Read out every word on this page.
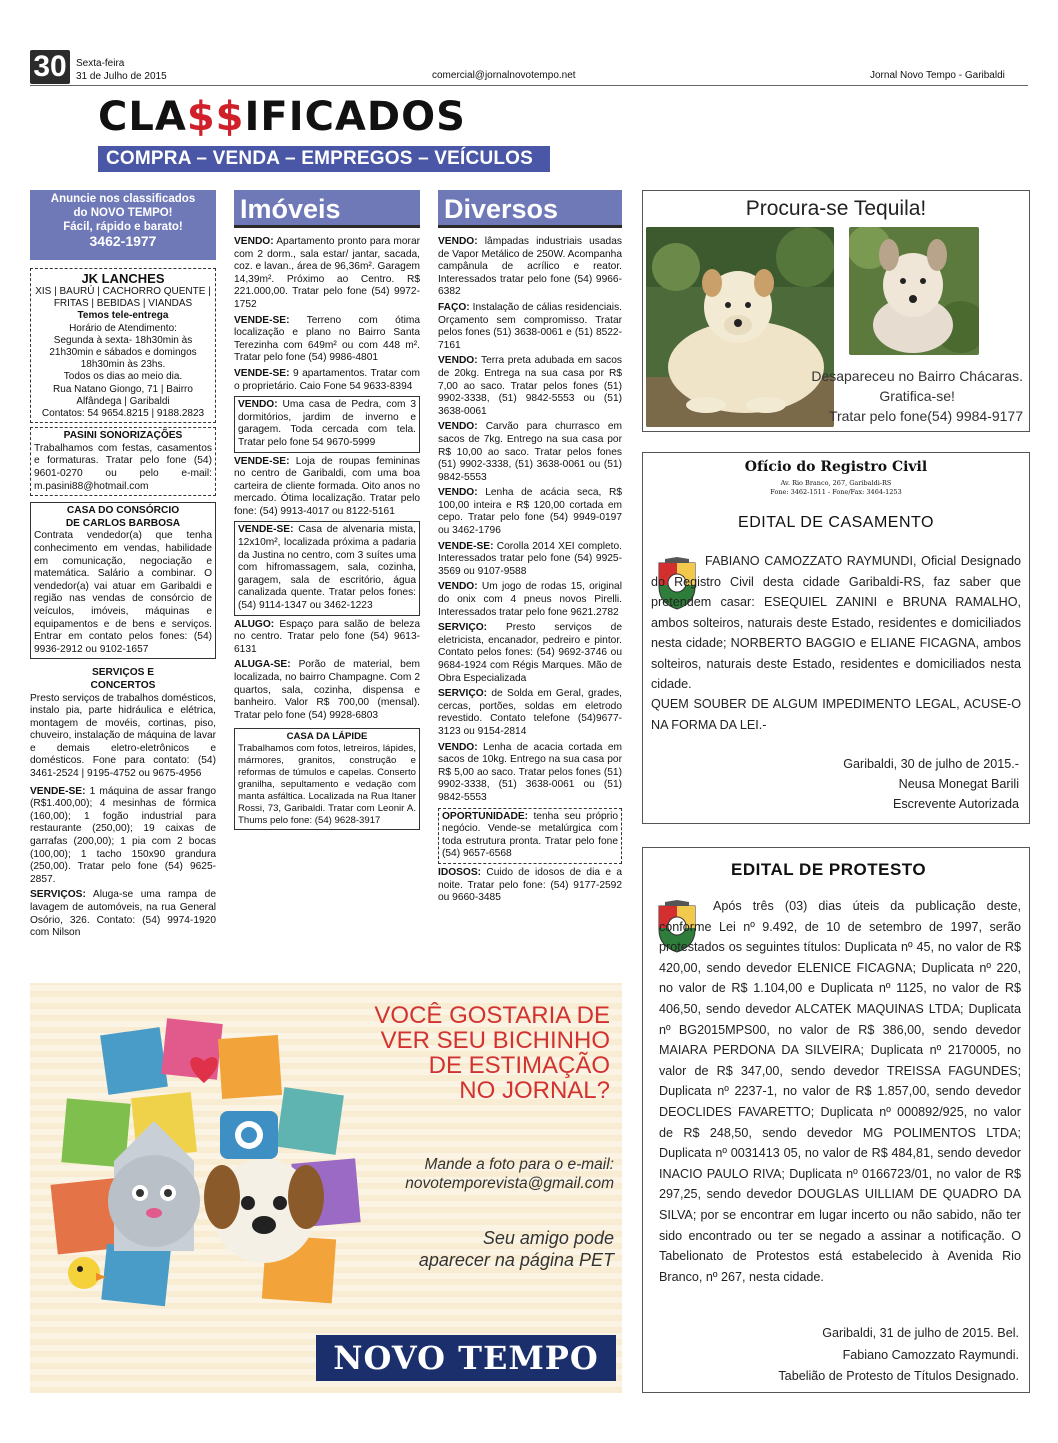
30 Sexta-feira
31 de Julho de 2015	comercial@jornalnovotempo.net	Jornal Novo Tempo - Garibaldi
CLA$$IFICADOS
COMPRA – VENDA – EMPREGOS – VEÍCULOS
Anuncie nos classificados
do NOVO TEMPO!
Fácil, rápido e barato!
3462-1977
JK LANCHES
XIS | BAURÚ | CACHORRO QUENTE |
FRITAS | BEBIDAS | VIANDAS
Temos tele-entrega
Horário de Atendimento:
Segunda à sexta- 18h30min às
21h30min e sábados e domingos
18h30min às 23hs.
Todos os dias ao meio dia.
Rua Natano Giongo, 71 | Bairro
Alfândega | Garibaldi
Contatos: 54 9654.8215 | 9188.2823
PASINI SONORIZAÇÕES
Trabalhamos com festas, casamentos e formaturas. Tratar pelo fone (54) 9601-0270 ou pelo e-mail: m.pasini88@hotmail.com
CASA DO CONSÓRCIO
DE CARLOS BARBOSA
Contrata vendedor(a) que tenha conhecimento em vendas, habilidade em comunicação, negociação e matemática. Salário a combinar. O vendedor(a) vai atuar em Garibaldi e região nas vendas de consórcio de veículos, imóveis, máquinas e equipamentos e de bens e serviços. Entrar em contato pelos fones: (54) 9936-2912 ou 9102-1657
SERVIÇOS E
CONCERTOS
Presto serviços de trabalhos domésticos, instalo pia, parte hidráulica e elétrica, montagem de movéis, cortinas, piso, chuveiro, instalação de máquina de lavar e demais eletro-eletrônicos e domésticos. Fone para contato: (54) 3461-2524 | 9195-4752 ou 9675-4956

VENDE-SE: 1 máquina de assar frango (R$1.400,00); 4 mesinhas de fórmica (160,00); 1 fogão industrial para restaurante (250,00); 19 caixas de garrafas (200,00); 1 pia com 2 bocas (100,00); 1 tacho 150x90 grandura (250,00). Tratar pelo fone (54) 9625-2857.

SERVIÇOS: Aluga-se uma rampa de lavagem de automóveis, na rua General Osório, 326. Contato: (54) 9974-1920 com Nilson

Imóveis

VENDO: Apartamento pronto para morar com 2 dorm., sala estar/ jantar, sacada, coz. e lavan., área de 96,36m². Garagem 14,39m². Próximo ao Centro. R$ 221.000,00. Tratar pelo fone (54) 9972-1752

VENDE-SE: Terreno com ótima localização e plano no Bairro Santa Terezinha com 649m² ou com 448 m². Tratar pelo fone (54) 9986-4801

VENDE-SE: 9 apartamentos. Tratar com o proprietário. Caio Fone 54 9633-8394

VENDO: Uma casa de Pedra, com 3 dormitórios, jardim de inverno e garagem. Toda cercada com tela. Tratar pelo fone 54 9670-5999

VENDE-SE: Loja de roupas femininas no centro de Garibaldi, com uma boa carteira de cliente formada. Oito anos no mercado. Ótima localização. Tratar pelo fone: (54) 9913-4017 ou 8122-5161

VENDE-SE: Casa de alvenaria mista, 12x10m², localizada próxima a padaria da Justina no centro, com 3 suítes uma com hifromassagem, sala, cozinha, garagem, sala de escritório, água canalizada quente. Tratar pelos fones: (54) 9114-1347 ou 3462-1223

ALUGO: Espaço para salão de beleza no centro. Tratar pelo fone (54) 9613-6131

ALUGA-SE: Porão de material, bem localizada, no bairro Champagne. Com 2 quartos, sala, cozinha, dispensa e banheiro. Valor R$ 700,00 (mensal). Tratar pelo fone (54) 9928-6803

CASA DA LÁPIDE
Trabalhamos com fotos, letreiros, lápides, mármores, granitos, construção e reformas de túmulos e capelas. Conserto granilha, sepultamento e vedação com manta asfáltica. Localizada na Rua Itaner Rossi, 73, Garibaldi. Tratar com Leonir A. Thums pelo fone: (54) 9628-3917
Diversos

VENDO: lâmpadas industriais usadas de Vapor Metálico de 250W. Acompanha campânula de acrílico e reator. Interessados tratar pelo fone (54) 9966-6382

FAÇO: Instalação de cálias residenciais. Orçamento sem compromisso. Tratar pelos fones (51) 3638-0061 e (51) 8522-7161

VENDO: Terra preta adubada em sacos de 20kg. Entrega na sua casa por R$ 7,00 ao saco. Tratar pelos fones (51) 9902-3338, (51) 9842-5553 ou (51) 3638-0061

VENDO: Carvão para churrasco em sacos de 7kg. Entrego na sua casa por R$ 10,00 ao saco. Tratar pelos fones (51) 9902-3338, (51) 3638-0061 ou (51) 9842-5553

VENDO: Lenha de acácia seca, R$ 100,00 inteira e R$ 120,00 cortada em cepo. Tratar pelo fone (54) 9949-0197 ou 3462-1796

VENDE-SE: Corolla 2014 XEI completo. Interessados tratar pelo fone (54) 9925-3569 ou 9107-9588

VENDO: Um jogo de rodas 15, original do onix com 4 pneus novos Pirelli. Interessados tratar pelo fone 9621.2782

SERVIÇO: Presto serviços de eletricista, encanador, pedreiro e pintor. Contato pelos fones: (54) 9692-3746 ou 9684-1924 com Régis Marques. Mão de Obra Especializada

SERVIÇO: de Solda em Geral, grades, cercas, portões, soldas em eletrodo revestido. Contato telefone (54)9677-3123 ou 9154-2814

VENDO: Lenha de acacia cortada em sacos de 10kg. Entrego na sua casa por R$ 5,00 ao saco. Tratar pelos fones (51) 9902-3338, (51) 3638-0061 ou (51) 9842-5553

OPORTUNIDADE: tenha seu próprio negócio. Vende-se metalúrgica com toda estrutura pronta. Tratar pelo fone (54) 9657-6568

IDOSOS: Cuido de idosos de dia e a noite. Tratar pelo fone: (54) 9177-2592 ou 9660-3485

Procura-se Tequila!
Desapareceu no Bairro Chácaras.
Gratifica-se!
Tratar pelo fone(54) 9984-9177
Ofício do Registro Civil
Av. Rio Branco, 267, Garibaldi-RS
Fone: 3462-1511 - Fone/Fax: 3464-1253
EDITAL DE CASAMENTO
FABIANO CAMOZZATO RAYMUNDI, Oficial Designado do Registro Civil desta cidade Garibaldi-RS, faz saber que pretendem casar: ESEQUIEL ZANINI e BRUNA RAMALHO, ambos solteiros, naturais deste Estado, residentes e domiciliados nesta cidade; NORBERTO BAGGIO e ELIANE FICAGNA, ambos solteiros, naturais deste Estado, residentes e domiciliados nesta cidade.
QUEM SOUBER DE ALGUM IMPEDIMENTO LEGAL, ACUSE-O NA FORMA DA LEI.-
Garibaldi, 30 de julho de 2015.-
Neusa Monegat Barili
Escrevente Autorizada
EDITAL DE PROTESTO
Após três (03) dias úteis da publicação deste, conforme Lei nº 9.492, de 10 de setembro de 1997, serão protestados os seguintes títulos: Duplicata nº 45, no valor de R$ 420,00, sendo devedor ELENICE FICAGNA; Duplicata nº 220, no valor de R$ 1.104,00 e Duplicata nº 1125, no valor de R$ 406,50, sendo devedor ALCATEK MAQUINAS LTDA; Duplicata nº BG2015MPS00, no valor de R$ 386,00, sendo devedor MAIARA PERDONA DA SILVEIRA; Duplicata nº 2170005, no valor de R$ 347,00, sendo devedor TREISSA FAGUNDES; Duplicata nº 2237-1, no valor de R$ 1.857,00, sendo devedor DEOCLIDES FAVARETTO; Duplicata nº 000892/925, no valor de R$ 248,50, sendo devedor MG POLIMENTOS LTDA; Duplicata nº 0031413 05, no valor de R$ 484,81, sendo devedor INACIO PAULO RIVA; Duplicata nº 0166723/01, no valor de R$ 297,25, sendo devedor DOUGLAS UILLIAM DE QUADRO DA SILVA; por se encontrar em lugar incerto ou não sabido, não ter sido encontrado ou ter se negado a assinar a notificação. O Tabelionato de Protestos está estabelecido à Avenida Rio Branco, nº 267, nesta cidade.
Garibaldi, 31 de julho de 2015. Bel.
Fabiano Camozzato Raymundi.
Tabelião de Protesto de Títulos Designado.
VOCÊ GOSTARIA DE
VER SEU BICHINHO
DE ESTIMAÇÃO
NO JORNAL?
Mande a foto para o e-mail:
novotemporevista@gmail.com
Seu amigo pode
aparecer na página PET
NOVO TEMPO
